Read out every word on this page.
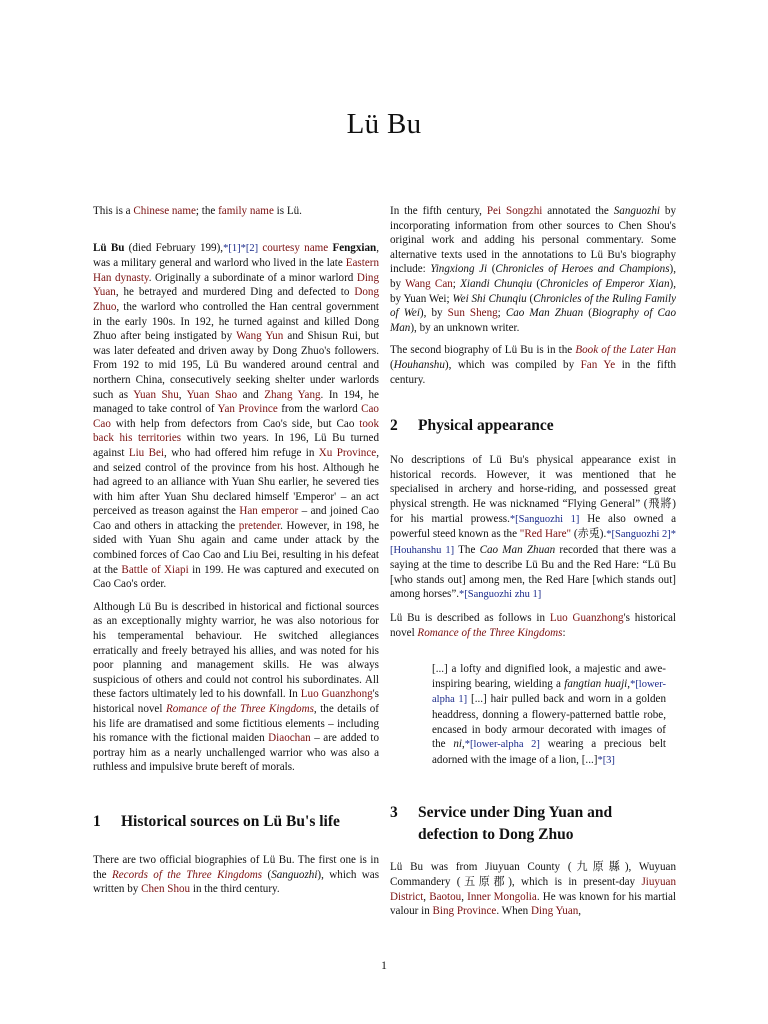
Lü Bu

This is a Chinese name; the family name is Lü.

Lü Bu (died February 199),*[1]*[2] courtesy name Fengxian, was a military general and warlord who lived in the late Eastern Han dynasty. Originally a subordinate of a minor warlord Ding Yuan, he betrayed and murdered Ding and defected to Dong Zhuo, the warlord who controlled the Han central government in the early 190s. In 192, he turned against and killed Dong Zhuo after being instigated by Wang Yun and Shisun Rui, but was later defeated and driven away by Dong Zhuo's followers. From 192 to mid 195, Lü Bu wandered around central and northern China, consecutively seeking shelter under warlords such as Yuan Shu, Yuan Shao and Zhang Yang. In 194, he managed to take control of Yan Province from the warlord Cao Cao with help from defectors from Cao's side, but Cao took back his territories within two years. In 196, Lü Bu turned against Liu Bei, who had offered him refuge in Xu Province, and seized control of the province from his host. Although he had agreed to an alliance with Yuan Shu earlier, he severed ties with him after Yuan Shu declared himself 'Emperor' – an act perceived as treason against the Han emperor – and joined Cao Cao and others in attacking the pretender. However, in 198, he sided with Yuan Shu again and came under attack by the combined forces of Cao Cao and Liu Bei, resulting in his defeat at the Battle of Xiapi in 199. He was captured and executed on Cao Cao's order.

Although Lü Bu is described in historical and fictional sources as an exceptionally mighty warrior, he was also notorious for his temperamental behaviour. He switched allegiances erratically and freely betrayed his allies, and was noted for his poor planning and management skills. He was always suspicious of others and could not control his subordinates. All these factors ultimately led to his downfall. In Luo Guanzhong's historical novel Romance of the Three Kingdoms, the details of his life are dramatised and some fictitious elements – including his romance with the fictional maiden Diaochan – are added to portray him as a nearly unchallenged warrior who was also a ruthless and impulsive brute bereft of morals.

1 Historical sources on Lü Bu's life

There are two official biographies of Lü Bu. The first one is in the Records of the Three Kingdoms (Sanguozhi), which was written by Chen Shou in the third century.

In the fifth century, Pei Songzhi annotated the Sanguozhi by incorporating information from other sources to Chen Shou's original work and adding his personal commentary. Some alternative texts used in the annotations to Lü Bu's biography include: Yingxiong Ji (Chronicles of Heroes and Champions), by Wang Can; Xiandi Chunqiu (Chronicles of Emperor Xian), by Yuan Wei; Wei Shi Chunqiu (Chronicles of the Ruling Family of Wei), by Sun Sheng; Cao Man Zhuan (Biography of Cao Man), by an unknown writer.

The second biography of Lü Bu is in the Book of the Later Han (Houhanshu), which was compiled by Fan Ye in the fifth century.

2 Physical appearance

No descriptions of Lü Bu's physical appearance exist in historical records. However, it was mentioned that he specialised in archery and horse-riding, and possessed great physical strength. He was nicknamed “Flying General” (飛將) for his martial prowess.*[Sanguozhi 1] He also owned a powerful steed known as the "Red Hare" (赤兎).*[Sanguozhi 2]*[Houhanshu 1] The Cao Man Zhuan recorded that there was a saying at the time to describe Lü Bu and the Red Hare: “Lü Bu [who stands out] among men, the Red Hare [which stands out] among horses”.*[Sanguozhi zhu 1]

Lü Bu is described as follows in Luo Guanzhong's historical novel Romance of the Three Kingdoms:

[...] a lofty and dignified look, a majestic and awe-inspiring bearing, wielding a fangtian huaji,*[lower-alpha 1] [...] hair pulled back and worn in a golden headdress, donning a flowery-patterned battle robe, encased in body armour decorated with images of the ni,*[lower-alpha 2] wearing a precious belt adorned with the image of a lion, [...]*[3]

3	Service under Ding Yuan and defection to Dong Zhuo

Lü Bu was from Jiuyuan County (九原縣), Wuyuan Commandery (五原郡), which is in present-day Jiuyuan District, Baotou, Inner Mongolia. He was known for his martial valour in Bing Province. When Ding Yuan,

1
